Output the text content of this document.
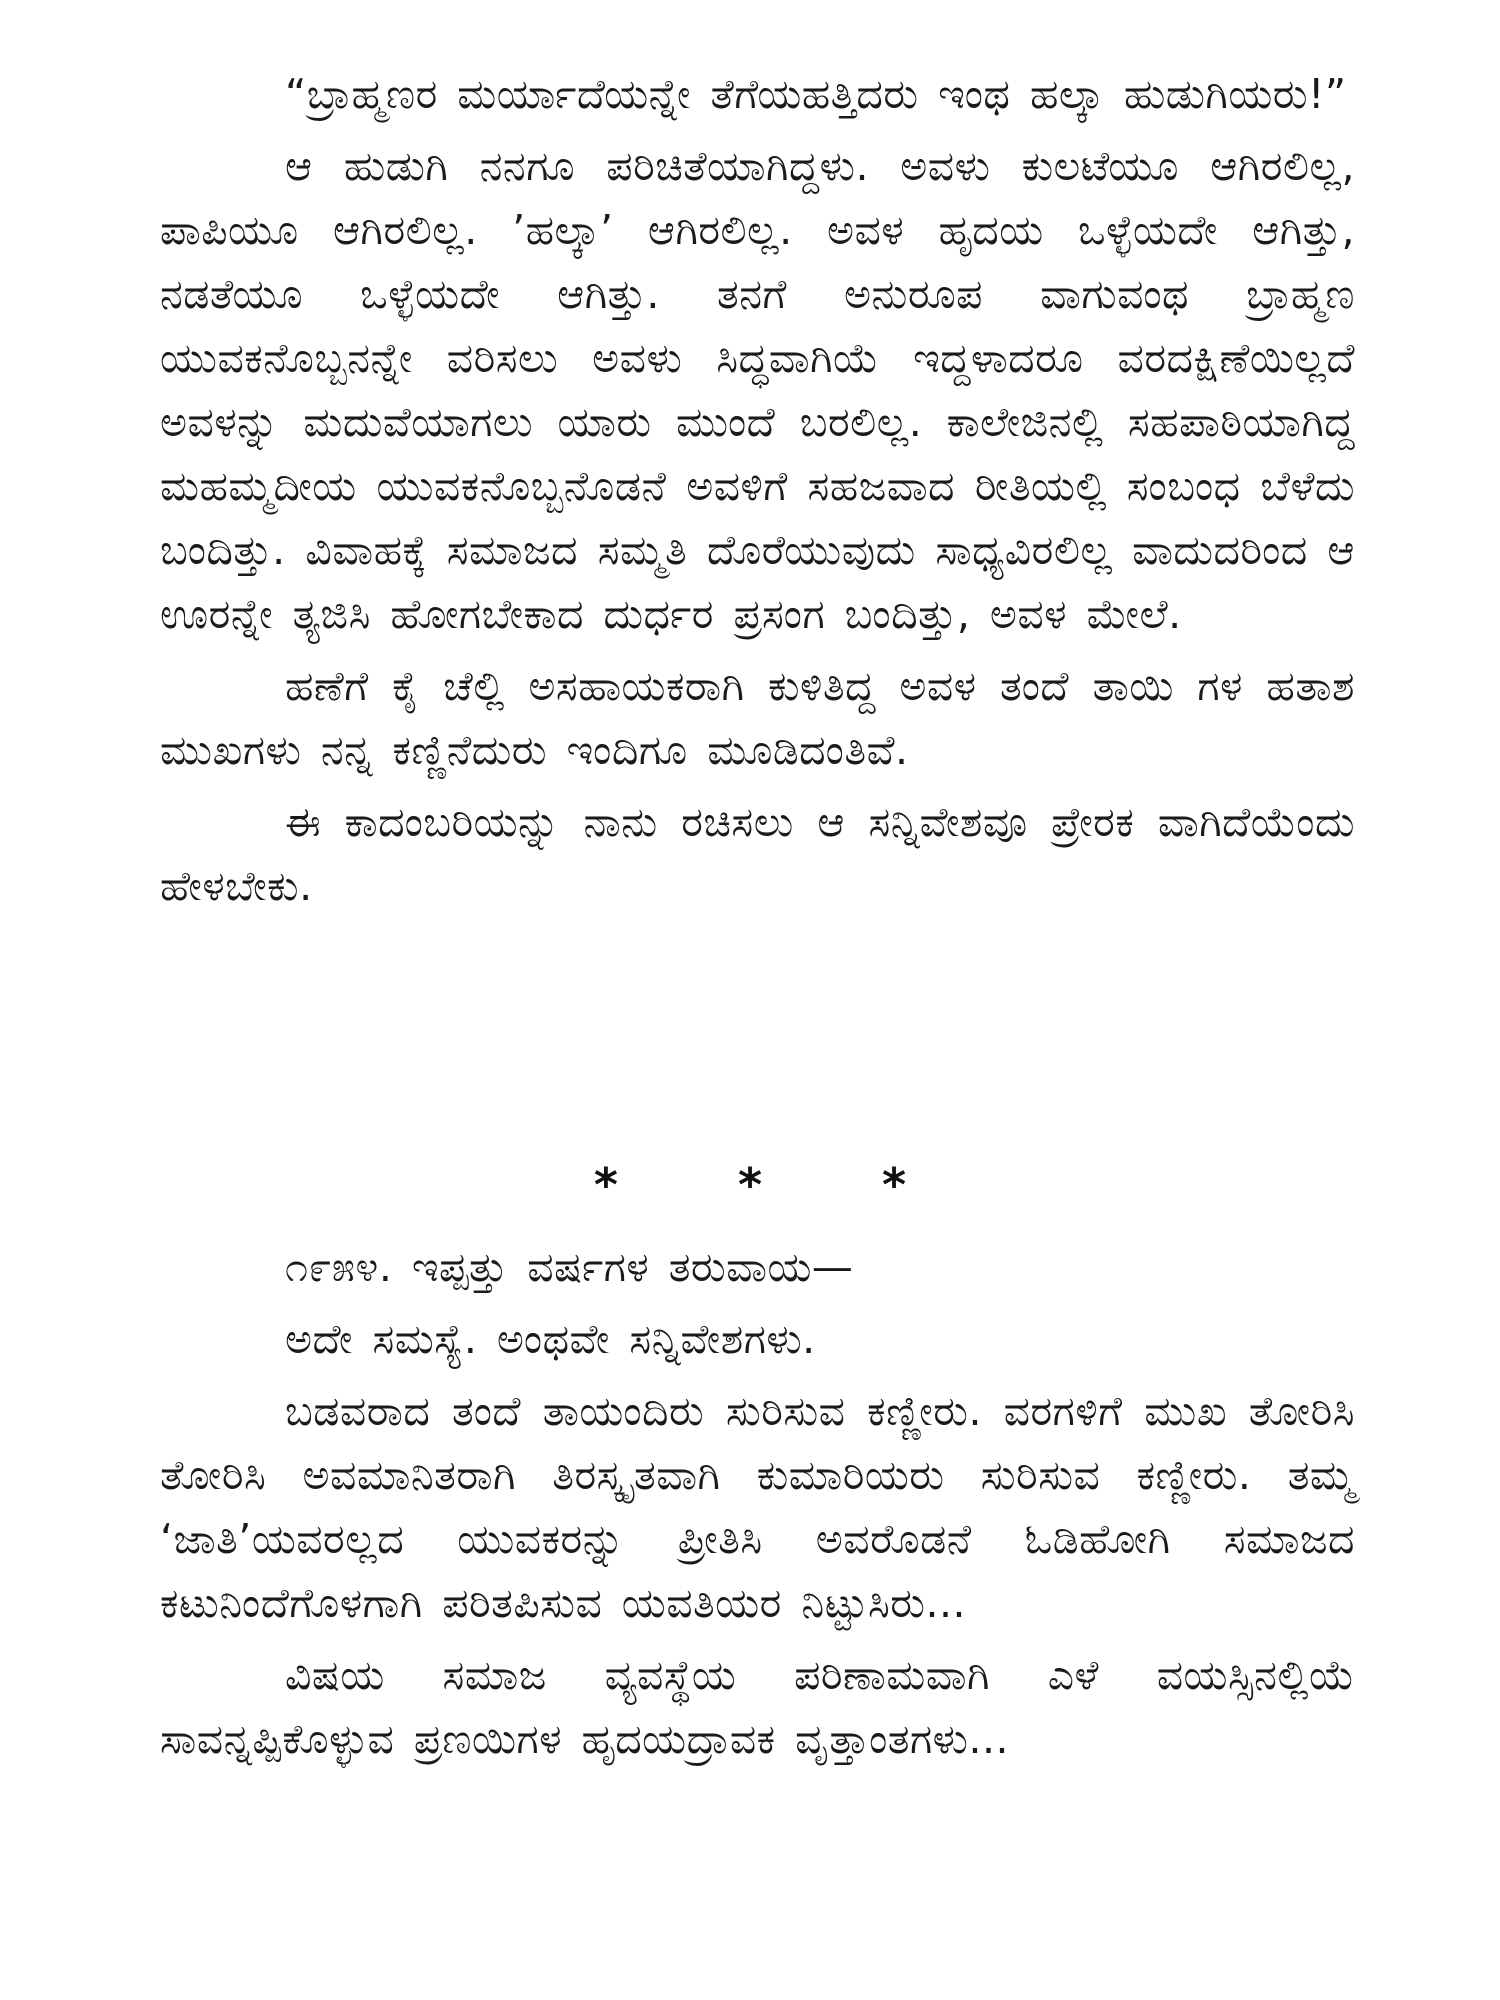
“ಬ್ರಾಹ್ಮಣರ ಮರ್ಯಾದೆಯನ್ನೇ ತೆಗೆಯಹತ್ತಿದರು ಇಂಥ ಹಲ್ಕಾ ಹುಡುಗಿಯರು!”

ಆ ಹುಡುಗಿ ನನಗೂ ಪರಿಚಿತೆಯಾಗಿದ್ದಳು. ಅವಳು ಕುಲಟೆಯೂ ಆಗಿರಲಿಲ್ಲ, ಪಾಪಿಯೂ ಆಗಿರಲಿಲ್ಲ. ’ಹಲ್ಕಾ’ ಆಗಿರಲಿಲ್ಲ. ಅವಳ ಹೃದಯ ಒಳ್ಳೆಯದೇ ಆಗಿತ್ತು, ನಡತೆಯೂ ಒಳ್ಳೆಯದೇ ಆಗಿತ್ತು. ತನಗೆ ಅನುರೂಪ ವಾಗುವಂಥ ಬ್ರಾಹ್ಮಣ ಯುವಕನೊಬ್ಬನನ್ನೇ ವರಿಸಲು ಅವಳು ಸಿದ್ಧವಾಗಿಯೆ ಇದ್ದಳಾದರೂ ವರದಕ್ಷಿಣೆಯಿಲ್ಲದೆ ಅವಳನ್ನು ಮದುವೆಯಾಗಲು ಯಾರು ಮುಂದೆ ಬರಲಿಲ್ಲ. ಕಾಲೇಜಿನಲ್ಲಿ ಸಹಪಾಠಿಯಾಗಿದ್ದ ಮಹಮ್ಮದೀಯ ಯುವಕನೊಬ್ಬನೊಡನೆ ಅವಳಿಗೆ ಸಹಜವಾದ ರೀತಿಯಲ್ಲಿ ಸಂಬಂಧ ಬೆಳೆದು ಬಂದಿತ್ತು. ವಿವಾಹಕ್ಕೆ ಸಮಾಜದ ಸಮ್ಮತಿ ದೊರೆಯುವುದು ಸಾಧ್ಯವಿರಲಿಲ್ಲ ವಾದುದರಿಂದ ಆ ಊರನ್ನೇ ತ್ಯಜಿಸಿ ಹೋಗಬೇಕಾದ ದುರ್ಧರ ಪ್ರಸಂಗ ಬಂದಿತ್ತು, ಅವಳ ಮೇಲೆ.

ಹಣೆಗೆ ಕೈ ಚೆಲ್ಲಿ ಅಸಹಾಯಕರಾಗಿ ಕುಳಿತಿದ್ದ ಅವಳ ತಂದೆ ತಾಯಿ ಗಳ ಹತಾಶ ಮುಖಗಳು ನನ್ನ ಕಣ್ಣಿನೆದುರು ಇಂದಿಗೂ ಮೂಡಿದಂತಿವೆ.

ಈ ಕಾದಂಬರಿಯನ್ನು ನಾನು ರಚಿಸಲು ಆ ಸನ್ನಿವೇಶವೂ ಪ್ರೇರಕ ವಾಗಿದೆಯೆಂದು ಹೇಳಬೇಕು.

* * *

೧೯೫೪. ಇಪ್ಪತ್ತು ವರ್ಷಗಳ ತರುವಾಯ—

ಅದೇ ಸಮಸ್ಯೆ. ಅಂಥವೇ ಸನ್ನಿವೇಶಗಳು.

ಬಡವರಾದ ತಂದೆ ತಾಯಂದಿರು ಸುರಿಸುವ ಕಣ್ಣೀರು. ವರಗಳಿಗೆ ಮುಖ ತೋರಿಸಿ ತೋರಿಸಿ ಅವಮಾನಿತರಾಗಿ ತಿರಸ್ಕೃತವಾಗಿ ಕುಮಾರಿಯರು ಸುರಿಸುವ ಕಣ್ಣೀರು. ತಮ್ಮ ‘ಜಾತಿ’ಯವರಲ್ಲದ ಯುವಕರನ್ನು ಪ್ರೀತಿಸಿ ಅವರೊಡನೆ ಓಡಿಹೋಗಿ ಸಮಾಜದ ಕಟುನಿಂದೆಗೊಳಗಾಗಿ ಪರಿತಪಿಸುವ ಯವತಿಯರ ನಿಟ್ಟುಸಿರು...

ವಿಷಯ ಸಮಾಜ ವ್ಯವಸ್ಥೆಯ ಪರಿಣಾಮವಾಗಿ ಎಳೆ ವಯಸ್ಸಿನಲ್ಲಿಯೆ ಸಾವನ್ನಪ್ಪಿಕೊಳ್ಳುವ ಪ್ರಣಯಿಗಳ ಹೃದಯದ್ರಾವಕ ವೃತ್ತಾಂತಗಳು...
